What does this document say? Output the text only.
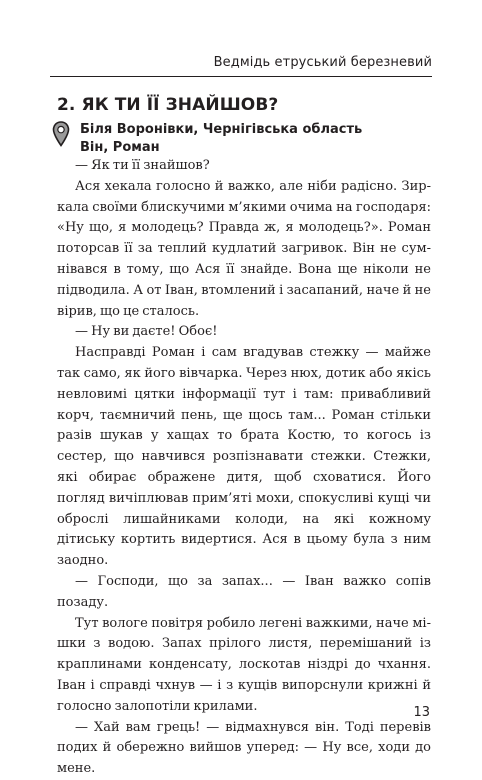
Ведмідь етруський березневий
2. ЯК ТИ ЇЇ ЗНАЙШОВ?
Біля Воронівки, Чернігівська область
Він, Роман

— Як ти її знайшов?

Ася хекала голосно й важко, але ніби радісно. Зиркала своїми блискучими м’якими очима на господаря: «Ну що, я молодець? Правда ж, я молодець?». Роман поторсав її за теплий кудлатий загривок. Він не сумнівався в тому, що Ася її знайде. Вона ще ніколи не підводила. А от Іван, втомлений і засапаний, наче й не вірив, що це сталось.

— Ну ви даєте! Обоє!

Насправді Роман і сам вгадував стежку — майже так само, як його вівчарка. Через нюх, дотик або якісь невловимі цятки інформації тут і там: привабливий корч, таємничий пень, ще щось там... Роман стільки разів шукав у хащах то брата Костю, то когось із сестер, що навчився розпізнавати стежки. Стежки, які обирає ображене дитя, щоб сховатися. Його погляд вичіплював прим’яті мохи, спокусливі кущі чи оброслі лишайниками колоди, на які кожному дітиську кортить видертися. Ася в цьому була з ним заодно.

— Господи, що за запах... — Іван важко сопів позаду.

Тут вологе повітря робило легені важкими, наче мішки з водою. Запах прілого листя, перемішаний із краплинами конденсату, лоскотав ніздрі до чхання. Іван і справді чхнув — і з кущів випорснули крижні й голосно залопотіли крилами.

— Хай вам грець! — відмахнувся він. Тоді перевів подих й обережно вийшов уперед: — Ну все, ходи до мене.

13
